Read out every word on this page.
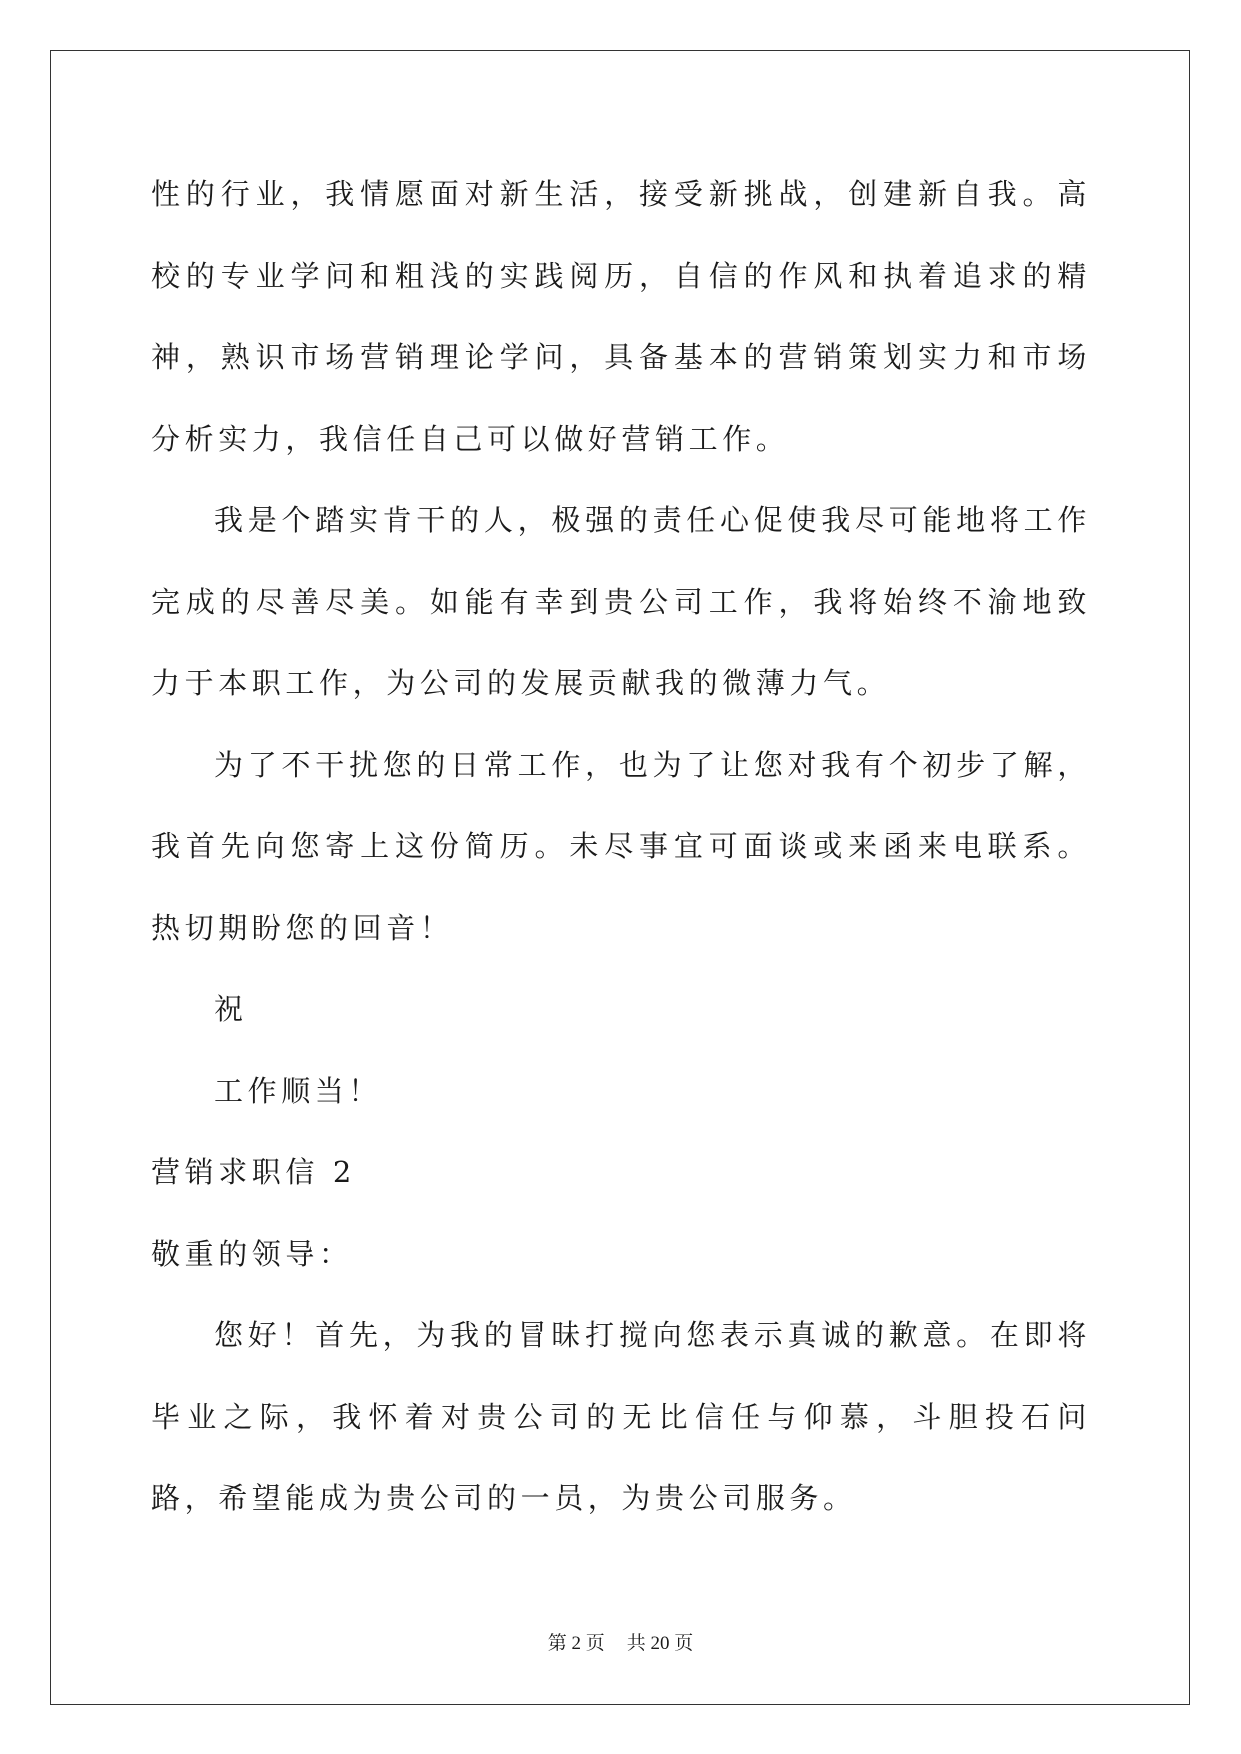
性的行业，我情愿面对新生活，接受新挑战，创建新自我。高校的专业学问和粗浅的实践阅历，自信的作风和执着追求的精神，熟识市场营销理论学问，具备基本的营销策划实力和市场分析实力，我信任自己可以做好营销工作。

我是个踏实肯干的人，极强的责任心促使我尽可能地将工作完成的尽善尽美。如能有幸到贵公司工作，我将始终不渝地致力于本职工作，为公司的发展贡献我的微薄力气。

为了不干扰您的日常工作，也为了让您对我有个初步了解，我首先向您寄上这份简历。未尽事宜可面谈或来函来电联系。热切期盼您的回音！

祝

工作顺当！

营销求职信 2

敬重的领导：

您好！首先，为我的冒昧打搅向您表示真诚的歉意。在即将毕业之际，我怀着对贵公司的无比信任与仰慕，斗胆投石问路，希望能成为贵公司的一员，为贵公司服务。

第 2 页 共 20 页
